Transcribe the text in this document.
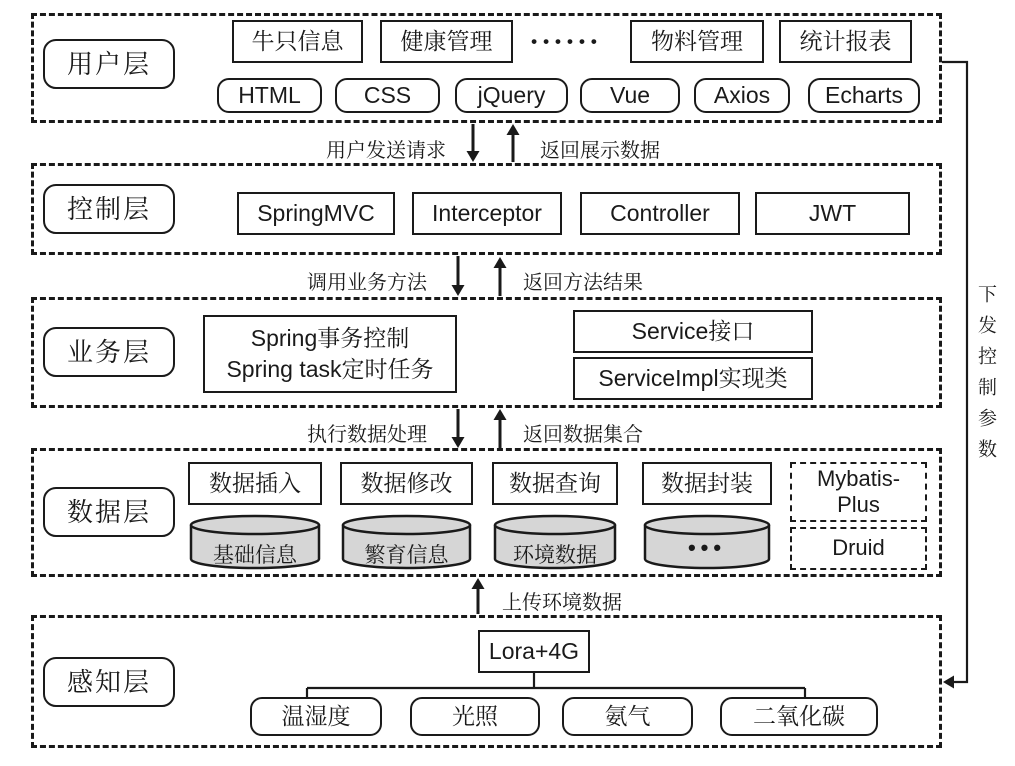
用户层
牛只信息 健康管理	••••••	物料管理 统计报表
HTML	CSS	jQuery	Vue	Axios Echarts
用户发送请求	返回展示数据
控制层	SpringMVC Interceptor	Controller	JWT
调用业务方法	返回方法结果
业务层	Spring事务控制
Spring task定时任务
Service接口
ServiceImpl实现类
执行数据处理	返回数据集合
数据层
数据插入	数据修改 数据查询	数据封装
基础信息	繁育信息	环境数据	•••
Mybatis-
Plus
Druid
上传环境数据
感知层
Lora+4G
温湿度	光照	氨气	二氧化碳
下发控制参数
